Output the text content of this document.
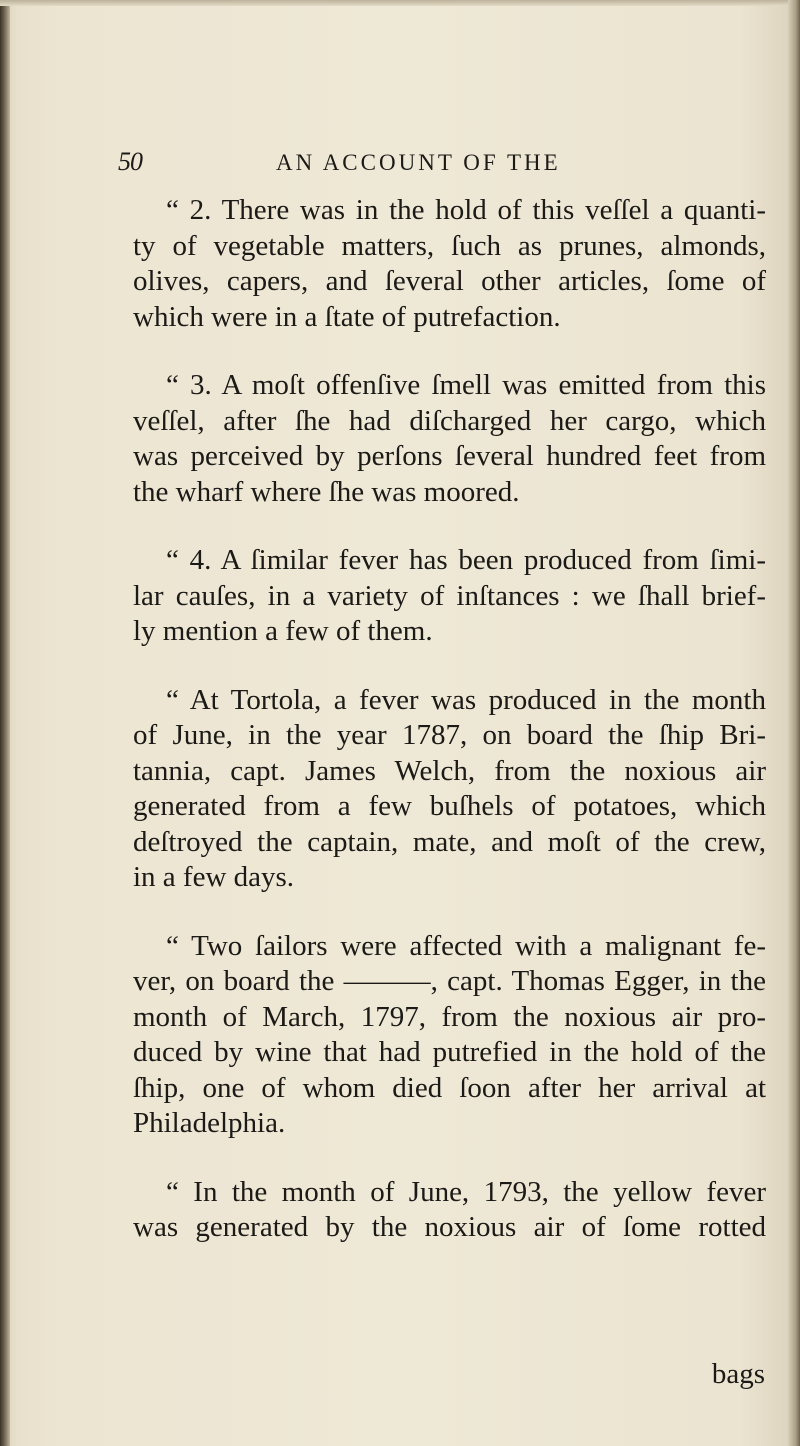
50	AN ACCOUNT OF THE

“ 2. There was in the hold of this veſſel a quanti-
ty of vegetable matters, ſuch as prunes, almonds,
olives, capers, and ſeveral other articles, ſome of
which were in a ſtate of putrefaction.

“ 3. A moſt offenſive ſmell was emitted from this
veſſel, after ſhe had diſcharged her cargo, which
was perceived by perſons ſeveral hundred feet from
the wharf where ſhe was moored.

“ 4. A ſimilar fever has been produced from ſimi-
lar cauſes, in a variety of inſtances : we ſhall brief-
ly mention a few of them.

“ At Tortola, a fever was produced in the month
of June, in the year 1787, on board the ſhip Bri-
tannia, capt. James Welch, from the noxious air
generated from a few buſhels of potatoes, which
deſtroyed the captain, mate, and moſt of the crew,
in a few days.

“ Two ſailors were affected with a malignant fe-
ver, on board the ———, capt. Thomas Egger, in the
month of March, 1797, from the noxious air pro-
duced by wine that had putrefied in the hold of the
ſhip, one of whom died ſoon after her arrival at
Philadelphia.

“ In the month of June, 1793, the yellow fever
was generated by the noxious air of ſome rotted

bags
